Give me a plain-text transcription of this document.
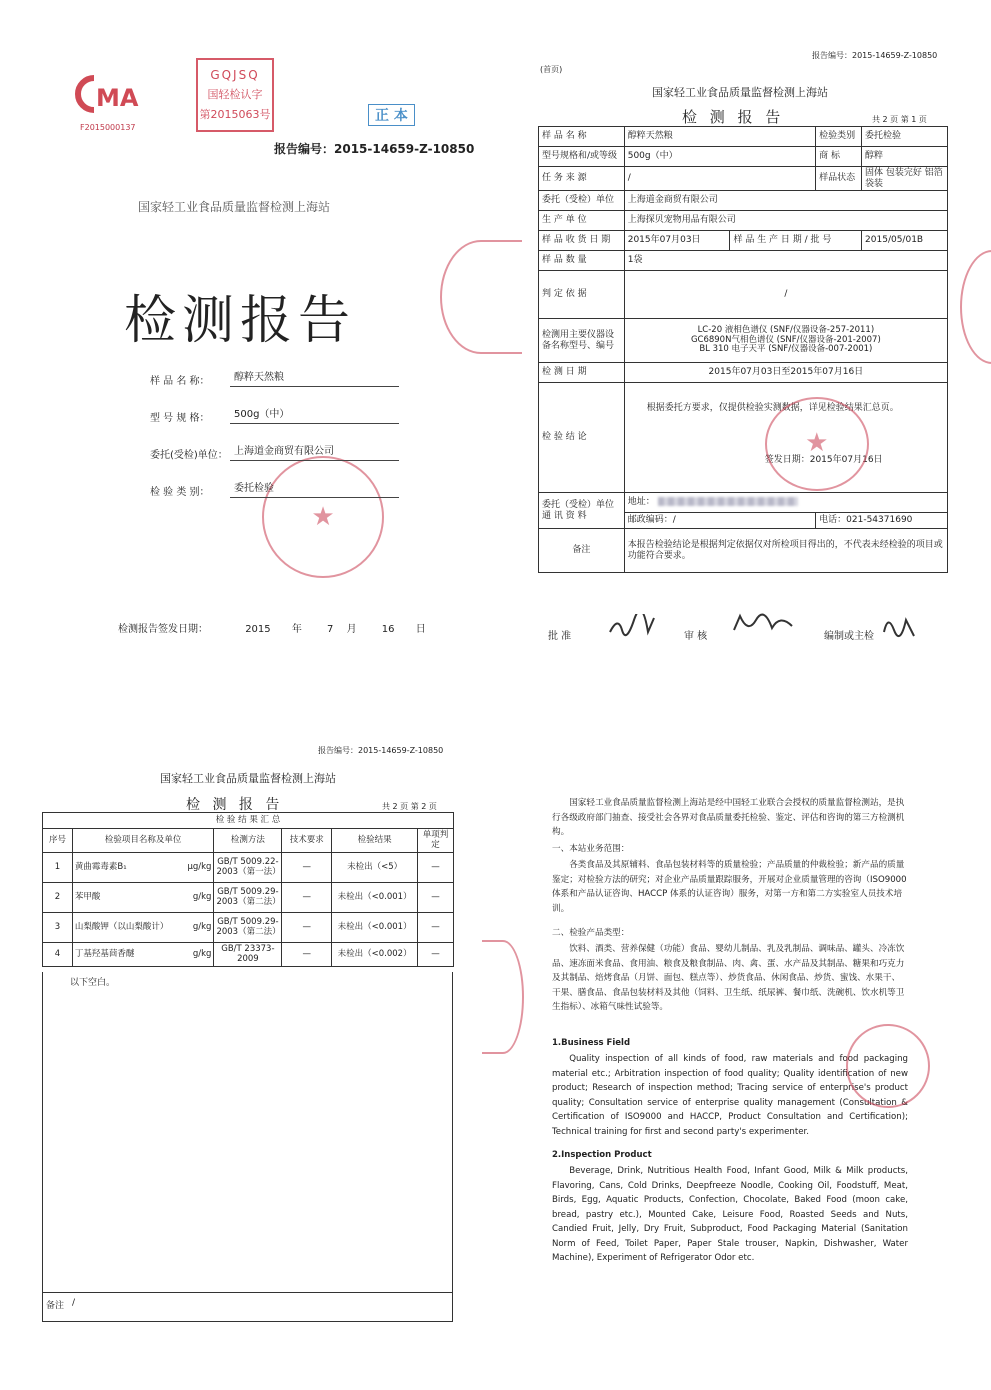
MA
F2015000137
GQJSQ
国轻检认字
第2015063号	正 本
报告编号：2015-14659-Z-10850
国家轻工业食品质量监督检测上海站
检测报告
★
样 品 名 称：	醇粹天然粮
型 号 规 格：	500g（中）
委托(受检)单位： 上海道金商贸有限公司
检 验 类 别：	委托检验
检测报告签发日期：	2015 年	7 月	16 日
报告编号：2015-14659-Z-10850
(首页)
国家轻工业食品质量监督检测上海站
检 测 报 告	共 2 页 第 1 页
样 品 名 称	醇粹天然粮		检验类别	委托检验
型号规格和/或等级	500g（中）		商 标	醇粹
任 务 来 源	/		样品状态	固体 包装完好 铝箔袋装
委托（受检）单位	上海道金商贸有限公司			
生 产 单 位	上海探贝宠物用品有限公司			
样 品 收 货 日 期	2015年07月03日	样 品 生 产 日 期 / 批 号		2015/05/01B
样 品 数 量	1袋			
判 定 依 据	/			
检测用主要仪器设备名称型号、编号	LC-20 液相色谱仪 (SNF/仪器设备-257-2011)
GC6890N气相色谱仪 (SNF/仪器设备-201-2007)
BL 310 电子天平 (SNF/仪器设备-007-2001)			

检 测 日 期	2015年07月03日至2015年07月16日			
检 验 结 论	根据委托方要求，仅提供检验实测数据，详见检验结果汇总页。
签发日期：2015年07月16日
★			

委托（受检）单位通 讯 资 料	地址：			
	邮政编码：/		电话：021-54371690	
备注	本报告检验结论是根据判定依据仅对所检项目得出的，不代表未经检验的项目或功能符合要求。			
批 准	审 核	编制或主检
报告编号：2015-14659-Z-10850
国家轻工业食品质量监督检测上海站
检 测 报 告	共 2 页 第 2 页
检 验 结 果 汇 总					
序号	检验项目名称及单位	检测方法	技术要求	检验结果	单项判定
1	黄曲霉毒素B₁ μg/kg	GB/T 5009.22-2003（第一法）	—	未检出（<5）	—
2	苯甲酸 g/kg	GB/T 5009.29-2003（第二法）	—	未检出（<0.001）	—
3	山梨酸钾（以山梨酸计） g/kg	GB/T 5009.29-2003（第二法）	—	未检出（<0.001）	—
4	丁基羟基茴香醚 g/kg	GB/T 23373-2009	—	未检出（<0.002）	—
以下空白。
备注 /
国家轻工业食品质量监督检测上海站是经中国轻工业联合会授权的质量监督检测站，是执行各级政府部门抽查、接受社会各界对食品质量委托检验、鉴定、评估和咨询的第三方检测机构。
一、本站业务范围：
各类食品及其原辅料、食品包装材料等的质量检验；产品质量的仲裁检验；新产品的质量鉴定；对检验方法的研究；对企业产品质量跟踪服务，开展对企业质量管理的咨询（ISO9000 体系和产品认证咨询、HACCP 体系的认证咨询）服务，对第一方和第二方实验室人员技术培训。
二、检验产品类型：
饮料、酒类、营养保健（功能）食品、婴幼儿制品、乳及乳制品、调味品、罐头、冷冻饮品、速冻面米食品、食用油、粮食及粮食制品、肉、禽、蛋、水产品及其制品、糖果和巧克力及其制品、焙烤食品（月饼、面包、糕点等）、炒货食品、休闲食品、炒货、蜜饯、水果干、干果、膳食品、食品包装材料及其他（饲料、卫生纸、纸尿裤、餐巾纸、洗碗机、饮水机等卫生指标）、冰箱气味性试验等。
1.Business Field
Quality inspection of all kinds of food, raw materials and food packaging material etc.; Arbitration inspection of food quality; Quality identification of new product; Research of inspection method; Tracing service of enterprise's product quality; Consultation service of enterprise quality management (Consultation & Certification of ISO9000 and HACCP, Product Consultation and Certification); Technical training for first and second party's experimenter.
2.Inspection Product
Beverage, Drink, Nutritious Health Food, Infant Good, Milk & Milk products, Flavoring, Cans, Cold Drinks, Deepfreeze Noodle, Cooking Oil, Foodstuff, Meat, Birds, Egg, Aquatic Products, Confection, Chocolate, Baked Food (moon cake, bread, pastry etc.), Mounted Cake, Leisure Food, Roasted Seeds and Nuts, Candied Fruit, Jelly, Dry Fruit, Subproduct, Food Packaging Material (Sanitation Norm of Feed, Toilet Paper, Paper Stale trouser, Napkin, Dishwasher, Water Machine), Experiment of Refrigerator Odor etc.
